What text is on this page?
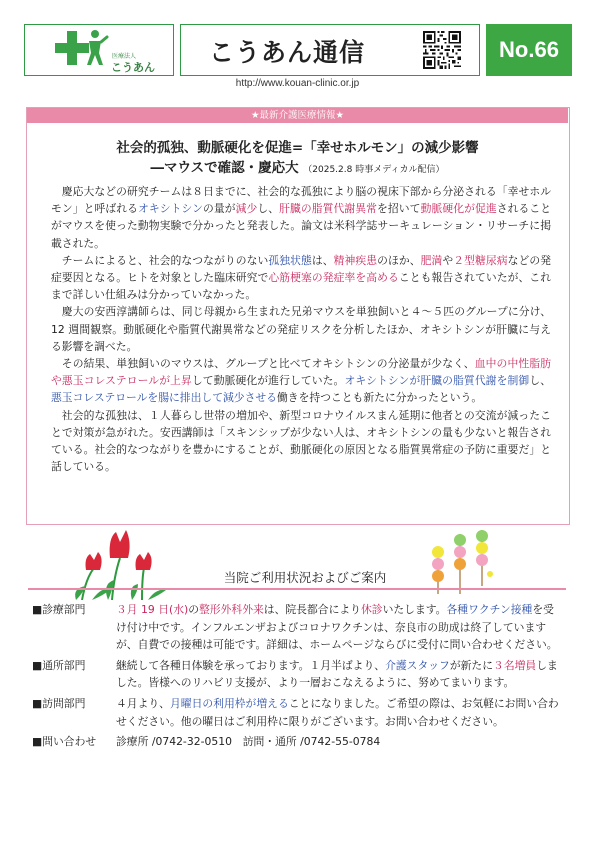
医療法人
こうあん
こうあん通信	No.66
http://www.kouan-clinic.or.jp
★最新介護医療情報★
社会的孤独、動脈硬化を促進=「幸せホルモン」の減少影響
―マウスで確認・慶応大 （2025.2.8 時事メディカル配信）

慶応大などの研究チームは８日までに、社会的な孤独により脳の視床下部から分泌される「幸せホルモン」と呼ばれるオキシトシンの量が減少し、肝臓の脂質代謝異常を招いて動脈硬化が促進されることがマウスを使った動物実験で分かったと発表した。論文は米科学誌サーキュレーション・リサーチに掲載された。

チームによると、社会的なつながりのない孤独状態は、精神疾患のほか、肥満や２型糖尿病などの発症要因となる。ヒトを対象とした臨床研究で心筋梗塞の発症率を高めることも報告されていたが、これまで詳しい仕組みは分かっていなかった。

慶大の安西淳講師らは、同じ母親から生まれた兄弟マウスを単独飼いと４～５匹のグループに分け、12 週間観察。動脈硬化や脂質代謝異常などの発症リスクを分析したほか、オキシトシンが肝臓に与える影響を調べた。

その結果、単独飼いのマウスは、グループと比べてオキシトシンの分泌量が少なく、血中の中性脂肪や悪玉コレステロールが上昇して動脈硬化が進行していた。オキシトシンが肝臓の脂質代謝を制御し、悪玉コレステロールを腸に排出して減少させる働きを持つことも新たに分かったという。

社会的な孤独は、１人暮らし世帯の増加や、新型コロナウイルスまん延期に他者との交流が減ったことで対策が急がれた。安西講師は「スキンシップが少ない人は、オキシトシンの量も少ないと報告されている。社会的なつながりを豊かにすることが、動脈硬化の原因となる脂質異常症の予防に重要だ」と話している。

当院ご利用状況およびご案内
■診療部門	３月 19 日(水)の整形外科外来は、院長都合により休診いたします。各種ワクチン接種を受け付け中です。インフルエンザおよびコロナワクチンは、奈良市の助成は終了していますが、自費での接種は可能です。詳細は、ホームページならびに受付に問い合わせください。
■通所部門	継続して各種日体験を承っております。１月半ばより、介護スタッフが新たに３名増員しました。皆様へのリハビリ支援が、より一層おこなえるように、努めてまいります。
■訪問部門	４月より、月曜日の利用枠が増えることになりました。ご希望の際は、お気軽にお問い合わせください。他の曜日はご利用枠に限りがございます。お問い合わせください。
■問い合わせ	診療所 /0742-32-0510　訪問・通所 /0742-55-0784
